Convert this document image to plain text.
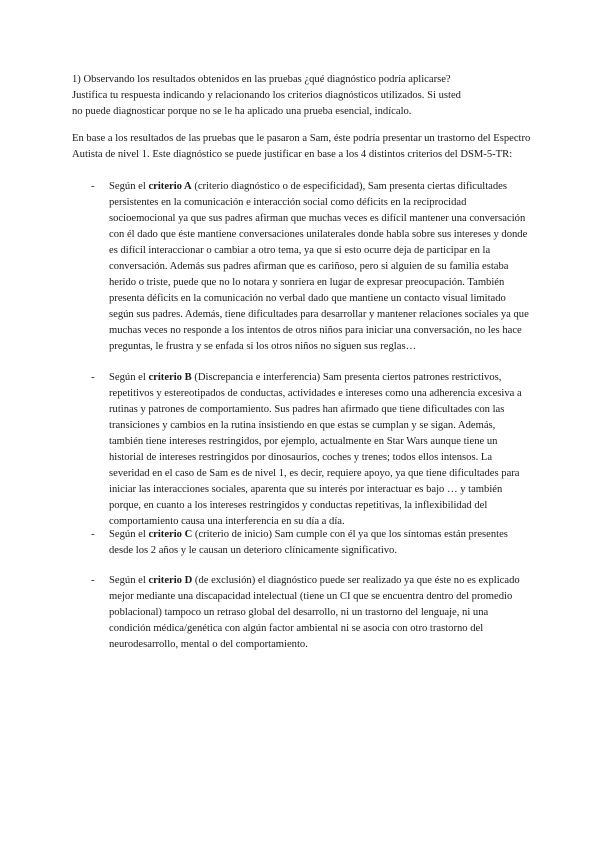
1) Observando los resultados obtenidos en las pruebas ¿qué diagnóstico podría aplicarse?

Justifica tu respuesta indicando y relacionando los criterios diagnósticos utilizados. Si usted

no puede diagnosticar porque no se le ha aplicado una prueba esencial, indícalo.

En base a los resultados de las pruebas que le pasaron a Sam, éste podría presentar un trastorno del Espectro Autista de nivel 1. Este diagnóstico se puede justificar en base a los 4 distintos criterios del DSM-5-TR:

- Según el criterio A (criterio diagnóstico o de especificidad), Sam presenta ciertas dificultades persistentes en la comunicación e interacción social como déficits en la reciprocidad socioemocional ya que sus padres afirman que muchas veces es difícil mantener una conversación con él dado que éste mantiene conversaciones unilaterales donde habla sobre sus intereses y donde es difícil interaccionar o cambiar a otro tema, ya que si esto ocurre deja de participar en la conversación. Además sus padres afirman que es cariñoso, pero si alguien de su familia estaba herido o triste, puede que no lo notara y sonriera en lugar de expresar preocupación. También presenta déficits en la comunicación no verbal dado que mantiene un contacto visual limitado según sus padres. Además, tiene dificultades para desarrollar y mantener relaciones sociales ya que muchas veces no responde a los intentos de otros niños para iniciar una conversación, no les hace preguntas, le frustra y se enfada si los otros niños no siguen sus reglas…
- Según el criterio B (Discrepancia e interferencia) Sam presenta ciertos patrones restrictivos, repetitivos y estereotipados de conductas, actividades e intereses como una adherencia excesiva a rutinas y patrones de comportamiento. Sus padres han afirmado que tiene dificultades con las transiciones y cambios en la rutina insistiendo en que estas se cumplan y se sigan. Además, también tiene intereses restringidos, por ejemplo, actualmente en Star Wars aunque tiene un historial de intereses restringidos por dinosaurios, coches y trenes; todos ellos intensos. La severidad en el caso de Sam es de nivel 1, es decir, requiere apoyo, ya que tiene dificultades para iniciar las interacciones sociales, aparenta que su interés por interactuar es bajo … y también porque, en cuanto a los intereses restringidos y conductas repetitivas, la inflexibilidad del comportamiento causa una interferencia en su día a día.
- Según el criterio C (criterio de inicio) Sam cumple con él ya que los síntomas están presentes desde los 2 años y le causan un deterioro clínicamente significativo.
- Según el criterio D (de exclusión) el diagnóstico puede ser realizado ya que éste no es explicado mejor mediante una discapacidad intelectual (tiene un CI que se encuentra dentro del promedio poblacional) tampoco un retraso global del desarrollo, ni un trastorno del lenguaje, ni una condición médica/genética con algún factor ambiental ni se asocia con otro trastorno del neurodesarrollo, mental o del comportamiento.
